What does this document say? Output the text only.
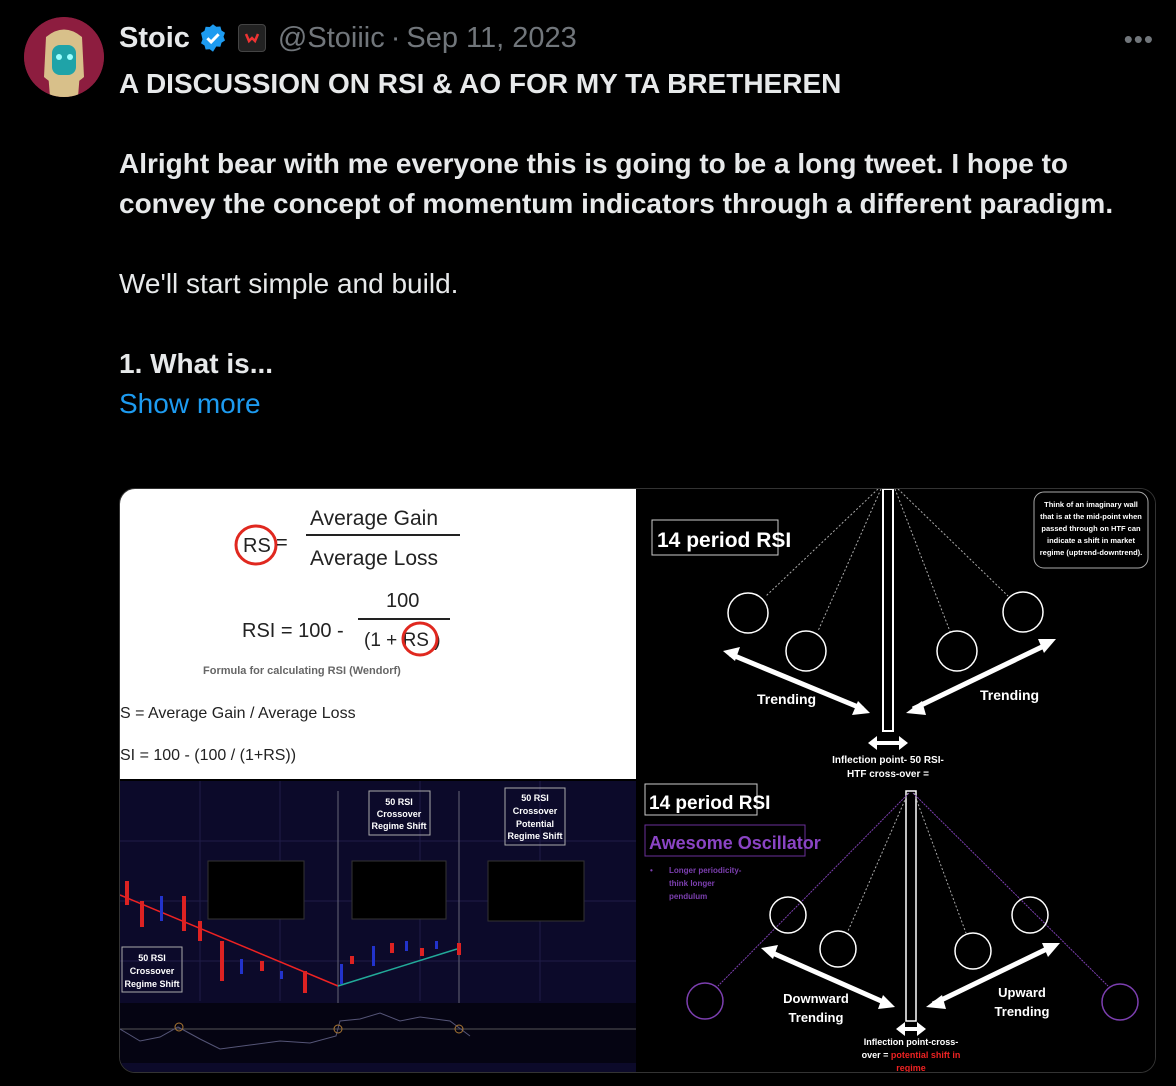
Stoic	@Stoiiic · Sep 11, 2023	•••

A DISCUSSION ON RSI & AO FOR MY TA BRETHEREN

Alright bear with me everyone this is going to be a long tweet. I hope to convey the concept of momentum indicators through a different paradigm.

We'll start simple and build.

1. What is...

Show more

RS =
Average Gain
Average Loss
RSI = 100 -
100
(1 + RS )
Formula for calculating RSI (Wendorf)
S = Average Gain / Average Loss
SI = 100 - (100 / (1+RS))
14 period RSI
Trending	Trending
Inflection point- 50 RSI-
HTF cross-over =
Think of an imaginary wall
that is at the mid-point when
passed through on HTF can
indicate a shift in market
regime (uptrend-downtrend).
50 RSI
Crossover
Regime Shift
50 RSI
Crossover
Potential
Regime Shift
50 RSI
Crossover
Regime Shift
14 period RSI
Awesome Oscillator
• Longer periodicity-
think longer
pendulum
Downward
Trending
Upward
Trending
Inflection point-cross-
over = potential shift in
regime
